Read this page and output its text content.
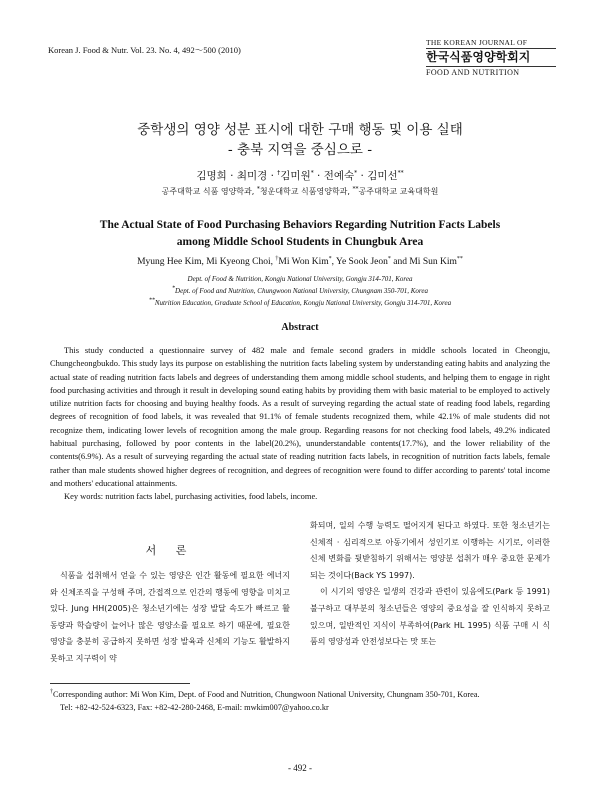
Korean J. Food & Nutr. Vol. 23. No. 4, 492～500 (2010)
THE KOREAN JOURNAL OF
한국식품영양학회지
FOOD AND NUTRITION
중학생의 영양 성분 표시에 대한 구매 행동 및 이용 실태
- 충북 지역을 중심으로 -
김명희 · 최미경 · †김미원* · 전예숙* · 김미선**
공주대학교 식품 영양학과, *청운대학교 식품영양학과, **공주대학교 교육대학원
The Actual State of Food Purchasing Behaviors Regarding Nutrition Facts Labels
among Middle School Students in Chungbuk Area
Myung Hee Kim, Mi Kyeong Choi, †Mi Won Kim*, Ye Sook Jeon* and Mi Sun Kim**
Dept. of Food & Nutrition, Kongju National University, Gongju 314-701, Korea
*Dept. of Food and Nutrition, Chungwoon National University, Chungnam 350-701, Korea
**Nutrition Education, Graduate School of Education, Kongju National University, Gongju 314-701, Korea
Abstract

This study conducted a questionnaire survey of 482 male and female second graders in middle schools located in Cheongju, Chungcheongbukdo. This study lays its purpose on establishing the nutrition facts labeling system by understanding eating habits and analyzing the actual state of reading nutrition facts labels and degrees of understanding them among middle school students, and helping them to engage in right food purchasing activities and through it result in developing sound eating habits by providing them with basic material to be employed to actively utilize nutrition facts for choosing and buying healthy foods. As a result of surveying regarding the actual state of reading food labels, regarding degrees of recognition of food labels, it was revealed that 91.1% of female students recognized them, while 42.1% of male students did not recognize them, indicating lower levels of recognition among the male group. Regarding reasons for not checking food labels, 49.2% indicated habitual purchasing, followed by poor contents in the label(20.2%), ununderstandable contents(17.7%), and the lower reliability of the contents(6.9%). As a result of surveying regarding the actual state of reading nutrition facts labels, in recognition of nutrition facts labels, female rather than male students showed higher degrees of recognition, and degrees of recognition were found to differ according to parents' total income and mothers' educational attainments.

Key words: nutrition facts label, purchasing activities, food labels, income.

서 론

식품을 섭취해서 얻을 수 있는 영양은 인간 활동에 필요한 에너지와 신체조직을 구성해 주며, 간접적으로 인간의 행동에 영향을 미치고 있다. Jung HH(2005)은 청소년기에는 성장 발달 속도가 빠르고 활동량과 학습량이 늘어나 많은 영양소를 필요로 하기 때문에, 필요한 영양을 충분히 공급하지 못하면 성장 발육과 신체의 기능도 활발하지 못하고 지구력이 약

화되며, 일의 수행 능력도 떨어지게 된다고 하였다. 또한 청소년기는 신체적 · 심리적으로 아동기에서 성인기로 이행하는 시기로, 이러한 신체 변화를 뒷받침하기 위해서는 영양분 섭취가 매우 중요한 문제가 되는 것이다(Back YS 1997).

이 시기의 영양은 일생의 건강과 관련이 있음에도(Park 등 1991) 불구하고 대부분의 청소년들은 영양의 중요성을 잘 인식하지 못하고 있으며, 일반적인 지식이 부족하여(Park HL 1995) 식품 구매 시 식품의 영양성과 안전성보다는 맛 또는

†Corresponding author: Mi Won Kim, Dept. of Food and Nutrition, Chungwoon National University, Chungnam 350-701, Korea.
Tel: +82-42-524-6323, Fax: +82-42-280-2468, E-mail: mwkim007@yahoo.co.kr
- 492 -
